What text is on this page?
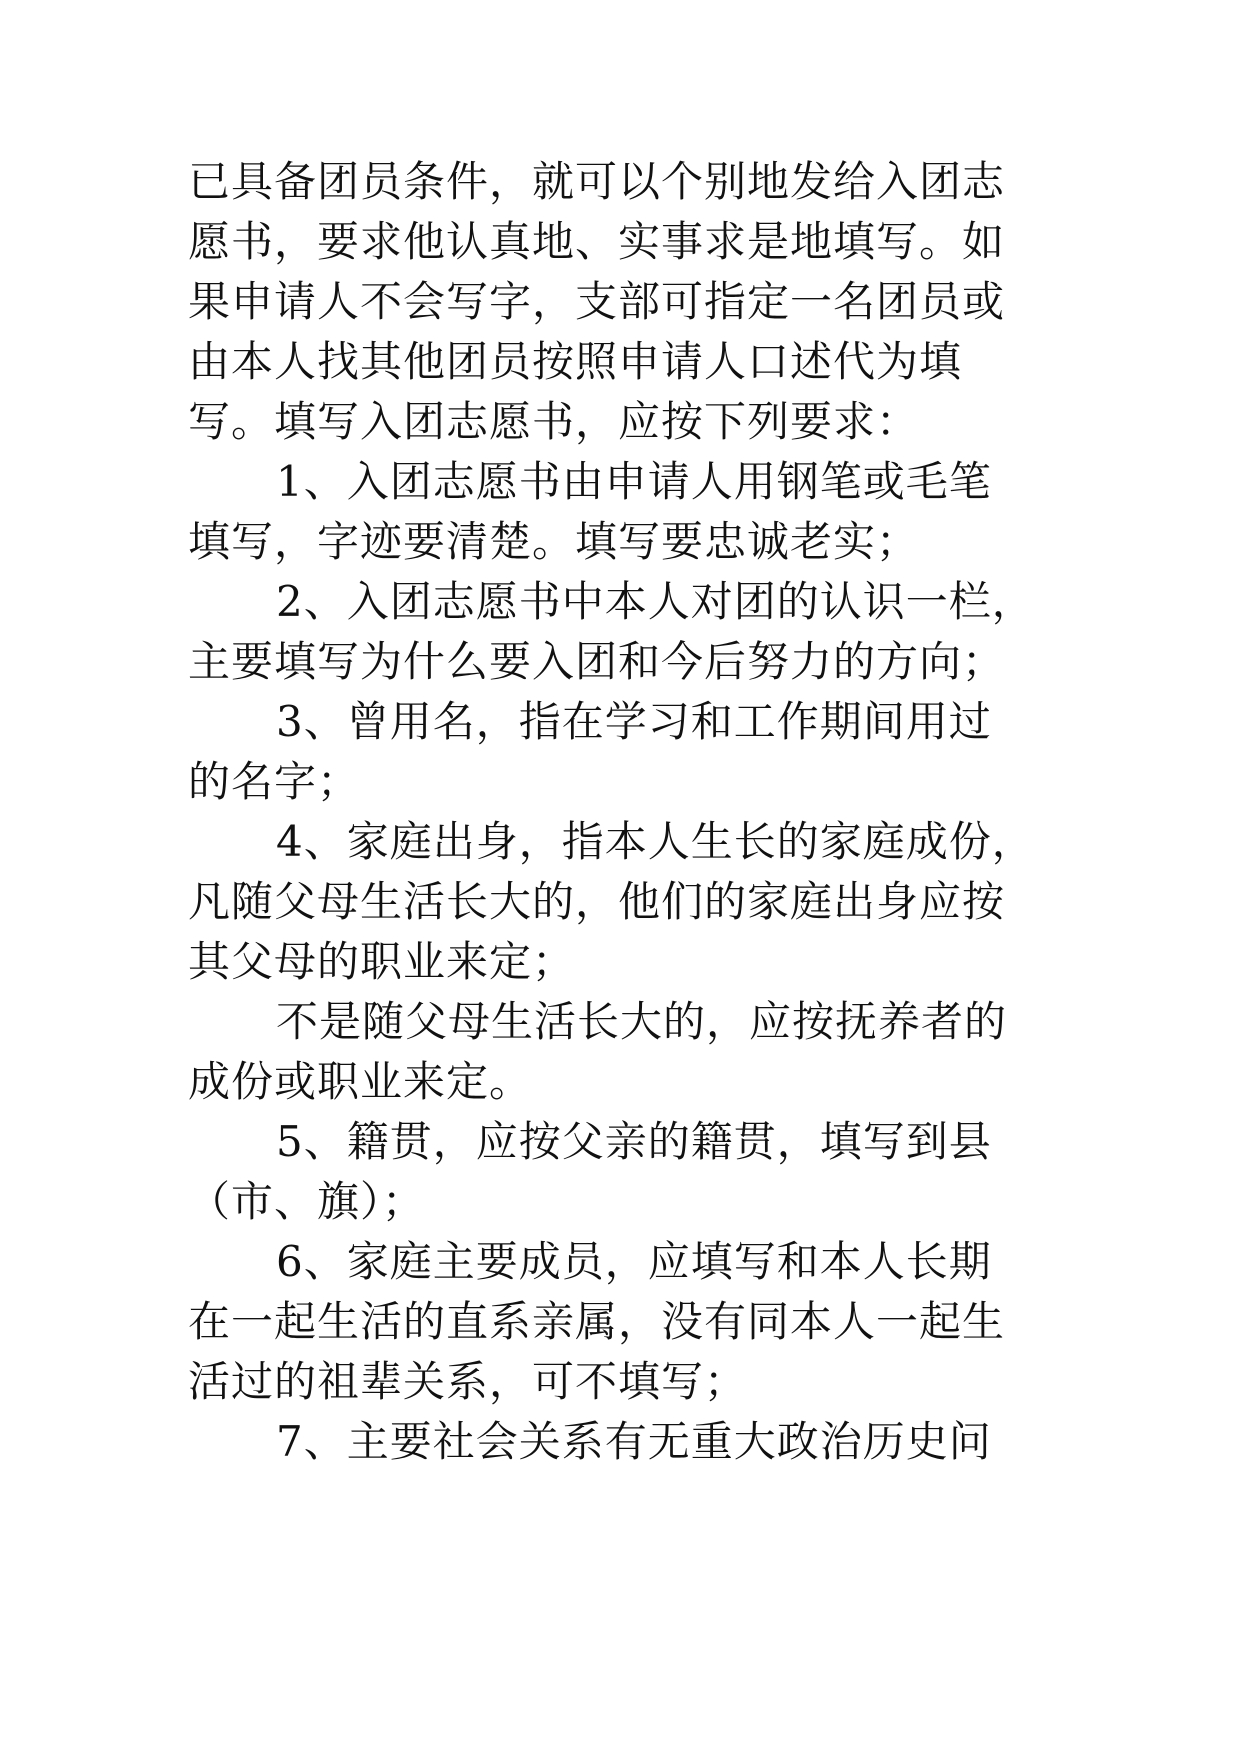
已具备团员条件，就可以个别地发给入团志
愿书，要求他认真地、实事求是地填写。如
果申请人不会写字，支部可指定一名团员或
由本人找其他团员按照申请人口述代为填
写。填写入团志愿书，应按下列要求：
1、入团志愿书由申请人用钢笔或毛笔
填写，字迹要清楚。填写要忠诚老实；
2、入团志愿书中本人对团的认识一栏，
主要填写为什么要入团和今后努力的方向；
3、曾用名，指在学习和工作期间用过
的名字；
4、家庭出身，指本人生长的家庭成份，
凡随父母生活长大的，他们的家庭出身应按
其父母的职业来定；
不是随父母生活长大的，应按抚养者的
成份或职业来定。
5、籍贯，应按父亲的籍贯，填写到县
（市、旗）；
6、家庭主要成员，应填写和本人长期
在一起生活的直系亲属，没有同本人一起生
活过的祖辈关系，可不填写；
7、主要社会关系有无重大政治历史问
